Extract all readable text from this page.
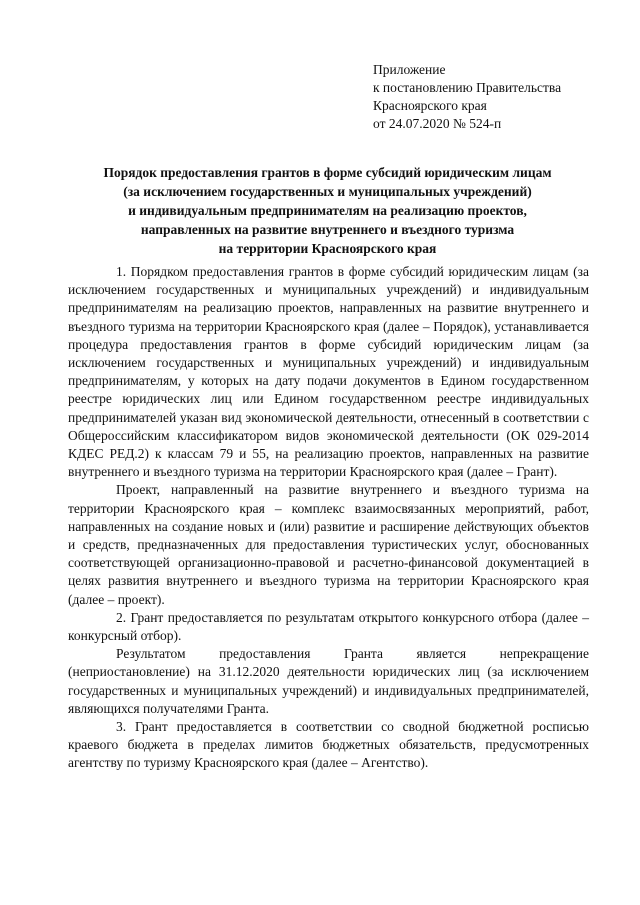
Приложение
к постановлению Правительства
Красноярского края
от 24.07.2020 № 524-п
Порядок предоставления грантов в форме субсидий юридическим лицам
(за исключением государственных и муниципальных учреждений)
и индивидуальным предпринимателям на реализацию проектов,
направленных на развитие внутреннего и въездного туризма
на территории Красноярского края

1. Порядком предоставления грантов в форме субсидий юридическим лицам (за исключением государственных и муниципальных учреждений) и индивидуальным предпринимателям на реализацию проектов, направленных на развитие внутреннего и въездного туризма на территории Красноярского края (далее – Порядок), устанавливается процедура предоставления грантов в форме субсидий юридическим лицам (за исключением государственных и муниципальных учреждений) и индивидуальным предпринимателям, у которых на дату подачи документов в Едином государственном реестре юридических лиц или Едином государственном реестре индивидуальных предпринимателей указан вид экономической деятельности, отнесенный в соответствии с Общероссийским классификатором видов экономической деятельности (ОК 029-2014 КДЕС РЕД.2) к классам 79 и 55, на реализацию проектов, направленных на развитие внутреннего и въездного туризма на территории Красноярского края (далее – Грант).

Проект, направленный на развитие внутреннего и въездного туризма на территории Красноярского края – комплекс взаимосвязанных мероприятий, работ, направленных на создание новых и (или) развитие и расширение действующих объектов и средств, предназначенных для предоставления туристических услуг, обоснованных соответствующей организационно-правовой и расчетно-финансовой документацией в целях развития внутреннего и въездного туризма на территории Красноярского края (далее – проект).

2. Грант предоставляется по результатам открытого конкурсного отбора (далее – конкурсный отбор).

Результатом предоставления Гранта является непрекращение (неприостановление) на 31.12.2020 деятельности юридических лиц (за исключением государственных и муниципальных учреждений) и индивидуальных предпринимателей, являющихся получателями Гранта.

3. Грант предоставляется в соответствии со сводной бюджетной росписью краевого бюджета в пределах лимитов бюджетных обязательств, предусмотренных агентству по туризму Красноярского края (далее – Агентство).
